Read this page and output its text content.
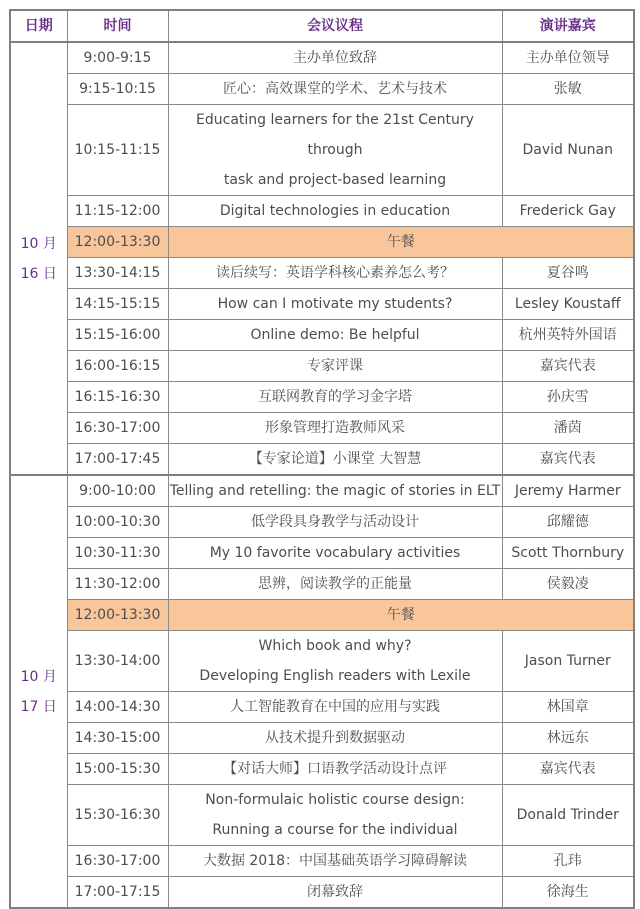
日期	时间	会议议程	演讲嘉宾

10 月
16 日	9:00-9:15	主办单位致辞	主办单位领导
	9:15-10:15	匠心：高效课堂的学术、艺术与技术	张敏
	10:15-11:15	Educating learners for the 21st Century through
task and project-based learning	David Nunan
	11:15-12:00	Digital technologies in education	Frederick Gay
	12:00-13:30	午餐	
	13:30-14:15	读后续写：英语学科核心素养怎么考？	夏谷鸣
	14:15-15:15	How can I motivate my students?	Lesley Koustaff
	15:15-16:00	Online demo: Be helpful	杭州英特外国语
	16:00-16:15	专家评课	嘉宾代表
	16:15-16:30	互联网教育的学习金字塔	孙庆雪
	16:30-17:00	形象管理打造教师风采	潘茵
	17:00-17:45	【专家论道】小课堂 大智慧	嘉宾代表

10 月
17 日	9:00-10:00	Telling and retelling: the magic of stories in ELT	Jeremy Harmer
	10:00-10:30	低学段具身教学与活动设计	邱耀德
	10:30-11:30	My 10 favorite vocabulary activities	Scott Thornbury
	11:30-12:00	思辨，阅读教学的正能量	侯毅凌
	12:00-13:30	午餐	
	13:30-14:00	Which book and why?
Developing English readers with Lexile	Jason Turner
	14:00-14:30	人工智能教育在中国的应用与实践	林国章
	14:30-15:00	从技术提升到数据驱动	林远东
	15:00-15:30	【对话大师】口语教学活动设计点评	嘉宾代表
	15:30-16:30	Non-formulaic holistic course design:
Running a course for the individual	Donald Trinder
	16:30-17:00	大数据 2018：中国基础英语学习障碍解读	孔玮
	17:00-17:15	闭幕致辞	徐海生
